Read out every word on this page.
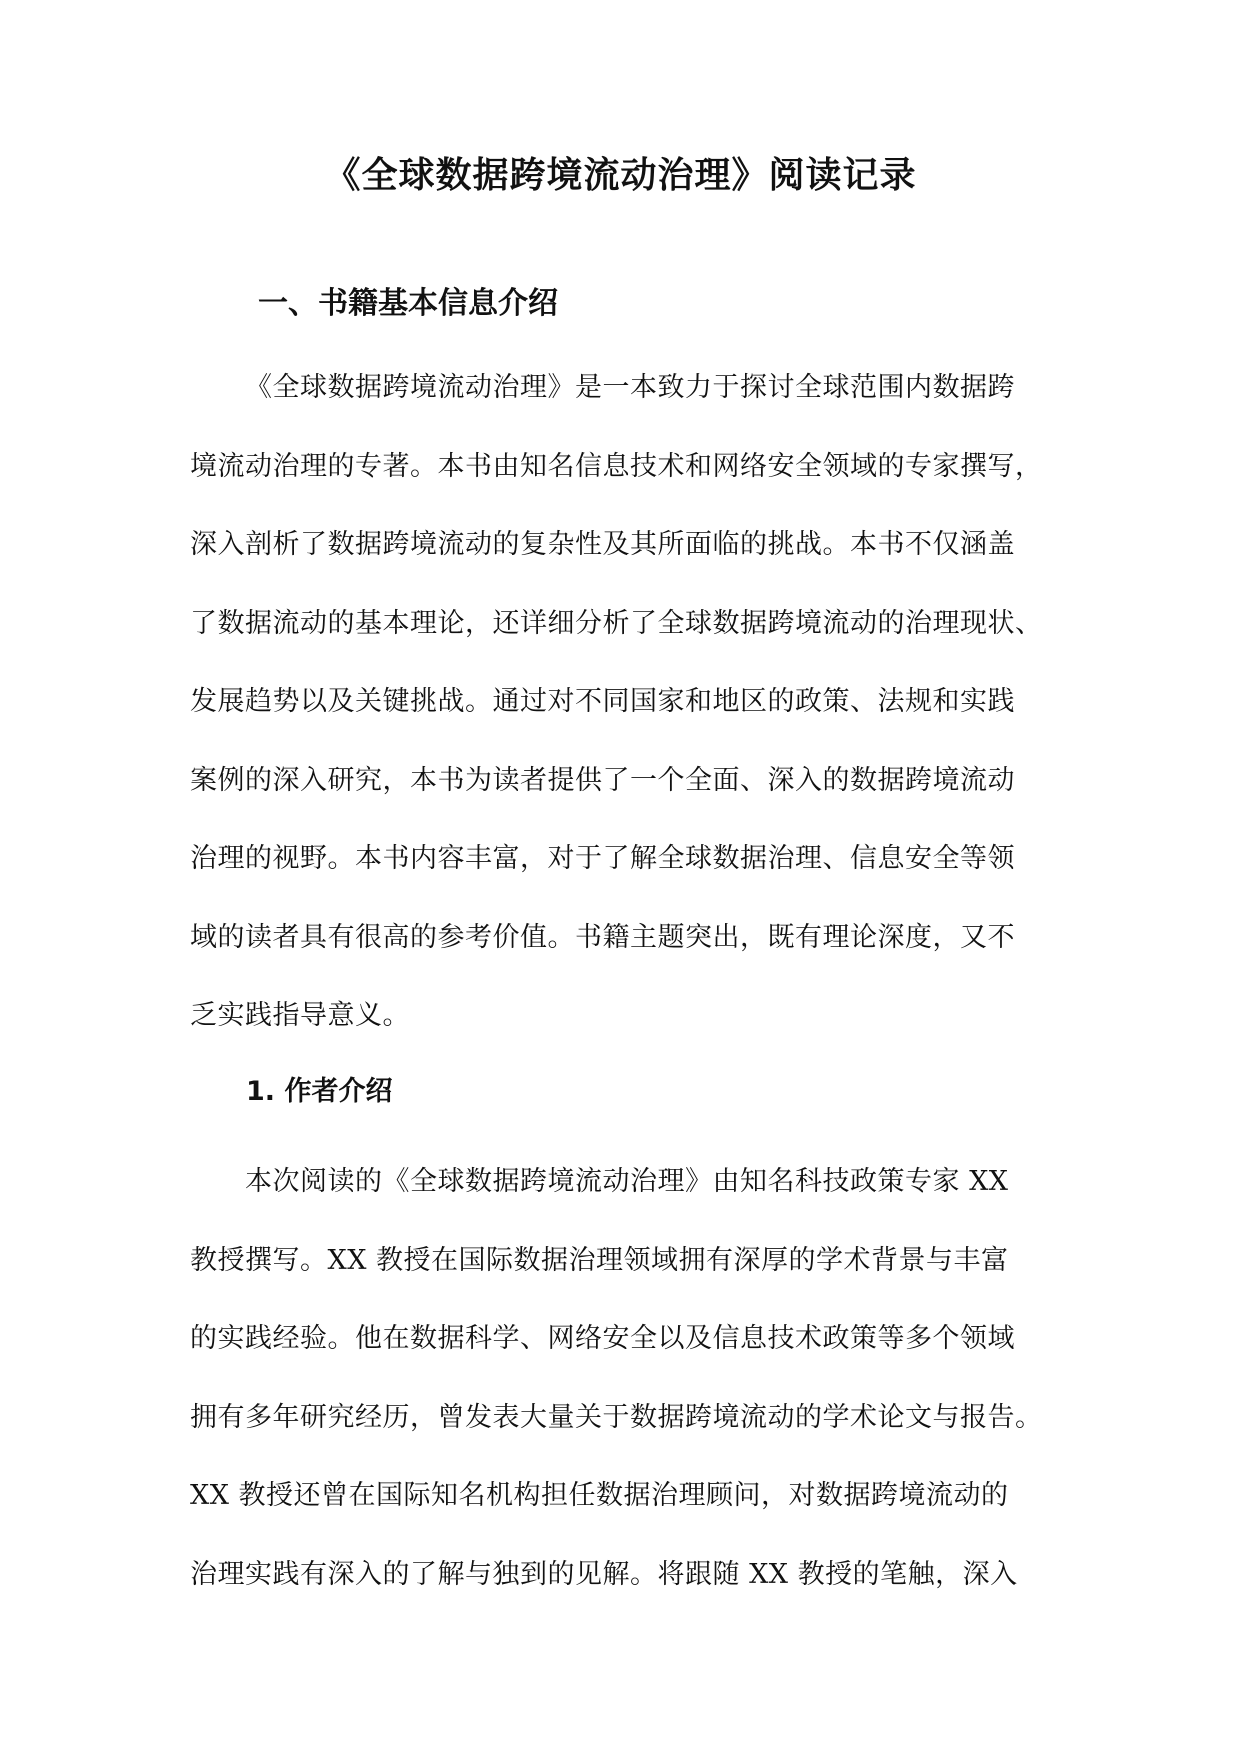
《全球数据跨境流动治理》阅读记录
一、书籍基本信息介绍
《全球数据跨境流动治理》是一本致力于探讨全球范围内数据跨
境流动治理的专著。本书由知名信息技术和网络安全领域的专家撰写，
深入剖析了数据跨境流动的复杂性及其所面临的挑战。本书不仅涵盖
了数据流动的基本理论，还详细分析了全球数据跨境流动的治理现状、
发展趋势以及关键挑战。通过对不同国家和地区的政策、法规和实践
案例的深入研究，本书为读者提供了一个全面、深入的数据跨境流动
治理的视野。本书内容丰富，对于了解全球数据治理、信息安全等领
域的读者具有很高的参考价值。书籍主题突出，既有理论深度，又不
乏实践指导意义。
1. 作者介绍
本次阅读的《全球数据跨境流动治理》由知名科技政策专家 XX
教授撰写。XX 教授在国际数据治理领域拥有深厚的学术背景与丰富
的实践经验。他在数据科学、网络安全以及信息技术政策等多个领域
拥有多年研究经历，曾发表大量关于数据跨境流动的学术论文与报告。
XX 教授还曾在国际知名机构担任数据治理顾问，对数据跨境流动的
治理实践有深入的了解与独到的见解。将跟随 XX 教授的笔触，深入
